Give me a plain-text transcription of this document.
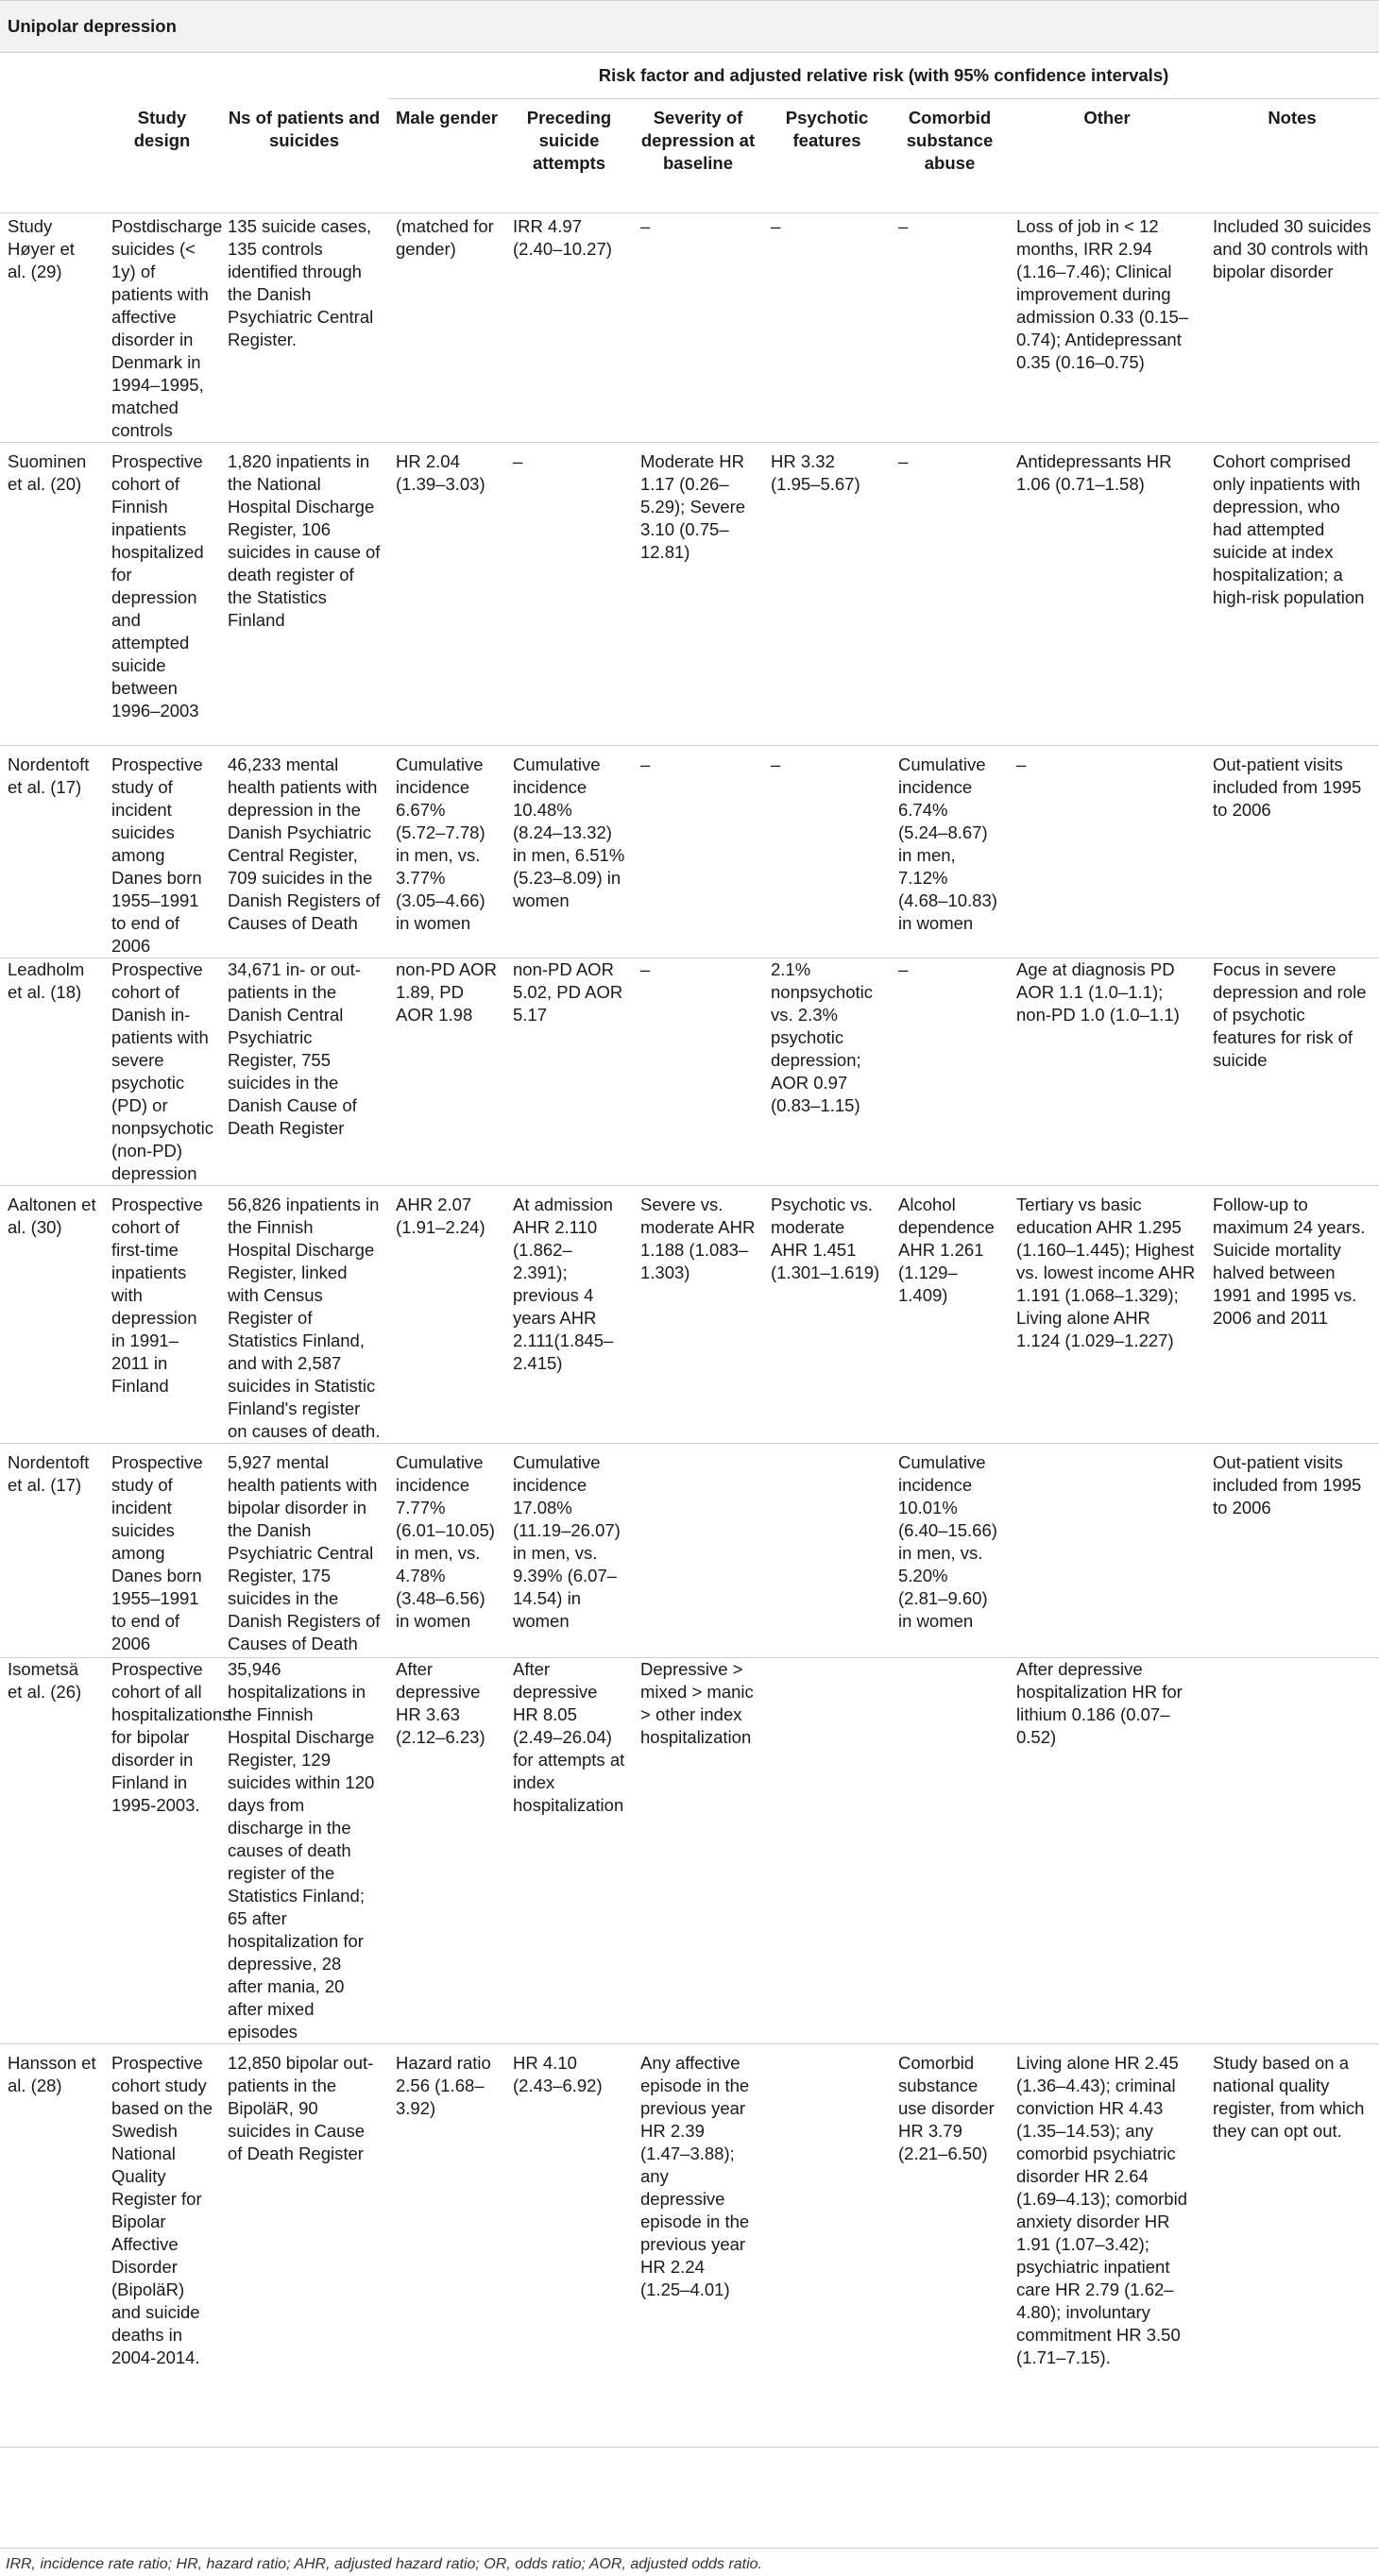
Unipolar depression									
			Risk factor and adjusted relative risk (with 95% confidence intervals)						
	Study design	Ns of patients and suicides	Male gender	Preceding suicide attempts	Severity of depression at baseline	Psychotic features	Comorbid substance abuse	Other	Notes
Study Høyer et al. (29)	Postdischarge suicides (< 1y) of patients with affective disorder in Denmark in 1994–1995, matched controls	135 suicide cases, 135 controls identified through the Danish Psychiatric Central Register.	(matched for gender)	IRR 4.97 (2.40–10.27)	–	–	–	Loss of job in < 12 months, IRR 2.94 (1.16–7.46); Clinical improvement during admission 0.33 (0.15–0.74); Antidepressant 0.35 (0.16–0.75)	Included 30 suicides and 30 controls with bipolar disorder
Suominen et al. (20)	Prospective cohort of Finnish inpatients hospitalized for depression and attempted suicide between 1996–2003	1,820 inpatients in the National Hospital Discharge Register, 106 suicides in cause of death register of the Statistics Finland	HR 2.04 (1.39–3.03)	–	Moderate HR 1.17 (0.26–5.29); Severe 3.10 (0.75–12.81)	HR 3.32 (1.95–5.67)	–	Antidepressants HR 1.06 (0.71–1.58)	Cohort comprised only inpatients with depression, who had attempted suicide at index hospitalization; a high-risk population
Nordentoft et al. (17)	Prospective study of incident suicides among Danes born 1955–1991 to end of 2006	46,233 mental health patients with depression in the Danish Psychiatric Central Register, 709 suicides in the Danish Registers of Causes of Death	Cumulative incidence 6.67% (5.72–7.78) in men, vs. 3.77% (3.05–4.66) in women	Cumulative incidence 10.48% (8.24–13.32) in men, 6.51% (5.23–8.09) in women	–	–	Cumulative incidence 6.74% (5.24–8.67) in men, 7.12% (4.68–10.83) in women	–	Out-patient visits included from 1995 to 2006
Leadholm et al. (18)	Prospective cohort of Danish in-patients with severe psychotic (PD) or nonpsychotic (non-PD) depression	34,671 in- or out-patients in the Danish Central Psychiatric Register, 755 suicides in the Danish Cause of Death Register	non-PD AOR 1.89, PD AOR 1.98	non-PD AOR 5.02, PD AOR 5.17	–	2.1% nonpsychotic vs. 2.3% psychotic depression; AOR 0.97 (0.83–1.15)	–	Age at diagnosis PD AOR 1.1 (1.0–1.1); non-PD 1.0 (1.0–1.1)	Focus in severe depression and role of psychotic features for risk of suicide
Aaltonen et al. (30)	Prospective cohort of first-time inpatients with depression in 1991–2011 in Finland	56,826 inpatients in the Finnish Hospital Discharge Register, linked with Census Register of Statistics Finland, and with 2,587 suicides in Statistic Finland's register on causes of death.	AHR 2.07 (1.91–2.24)	At admission AHR 2.110 (1.862–2.391); previous 4 years AHR 2.111(1.845–2.415)	Severe vs. moderate AHR 1.188 (1.083–1.303)	Psychotic vs. moderate AHR 1.451 (1.301–1.619)	Alcohol dependence AHR 1.261 (1.129–1.409)	Tertiary vs basic education AHR 1.295 (1.160–1.445); Highest vs. lowest income AHR 1.191 (1.068–1.329); Living alone AHR 1.124 (1.029–1.227)	Follow-up to maximum 24 years. Suicide mortality halved between 1991 and 1995 vs. 2006 and 2011
Nordentoft et al. (17)	Prospective study of incident suicides among Danes born 1955–1991 to end of 2006	5,927 mental health patients with bipolar disorder in the Danish Psychiatric Central Register, 175 suicides in the Danish Registers of Causes of Death	Cumulative incidence 7.77% (6.01–10.05) in men, vs. 4.78% (3.48–6.56) in women	Cumulative incidence 17.08% (11.19–26.07) in men, vs. 9.39% (6.07–14.54) in women			Cumulative incidence 10.01% (6.40–15.66) in men, vs. 5.20% (2.81–9.60) in women		Out-patient visits included from 1995 to 2006
Isometsä et al. (26)	Prospective cohort of all hospitalizations for bipolar disorder in Finland in 1995-2003.	35,946 hospitalizations in the Finnish Hospital Discharge Register, 129 suicides within 120 days from discharge in the causes of death register of the Statistics Finland; 65 after hospitalization for depressive, 28 after mania, 20 after mixed episodes	After depressive HR 3.63 (2.12–6.23)	After depressive HR 8.05 (2.49–26.04) for attempts at index hospitalization	Depressive > mixed > manic > other index hospitalization			After depressive hospitalization HR for lithium 0.186 (0.07–0.52)	
Hansson et al. (28)	Prospective cohort study based on the Swedish National Quality Register for Bipolar Affective Disorder (BipoläR) and suicide deaths in 2004-2014.	12,850 bipolar out-patients in the BipoläR, 90 suicides in Cause of Death Register	Hazard ratio 2.56 (1.68–3.92)	HR 4.10 (2.43–6.92)	Any affective episode in the previous year HR 2.39 (1.47–3.88); any depressive episode in the previous year HR 2.24 (1.25–4.01)		Comorbid substance use disorder HR 3.79 (2.21–6.50)	Living alone HR 2.45 (1.36–4.43); criminal conviction HR 4.43 (1.35–14.53); any comorbid psychiatric disorder HR 2.64 (1.69–4.13); comorbid anxiety disorder HR 1.91 (1.07–3.42); psychiatric inpatient care HR 2.79 (1.62–4.80); involuntary commitment HR 3.50 (1.71–7.15).	Study based on a national quality register, from which they can opt out.
IRR, incidence rate ratio; HR, hazard ratio; AHR, adjusted hazard ratio; OR, odds ratio; AOR, adjusted odds ratio.
